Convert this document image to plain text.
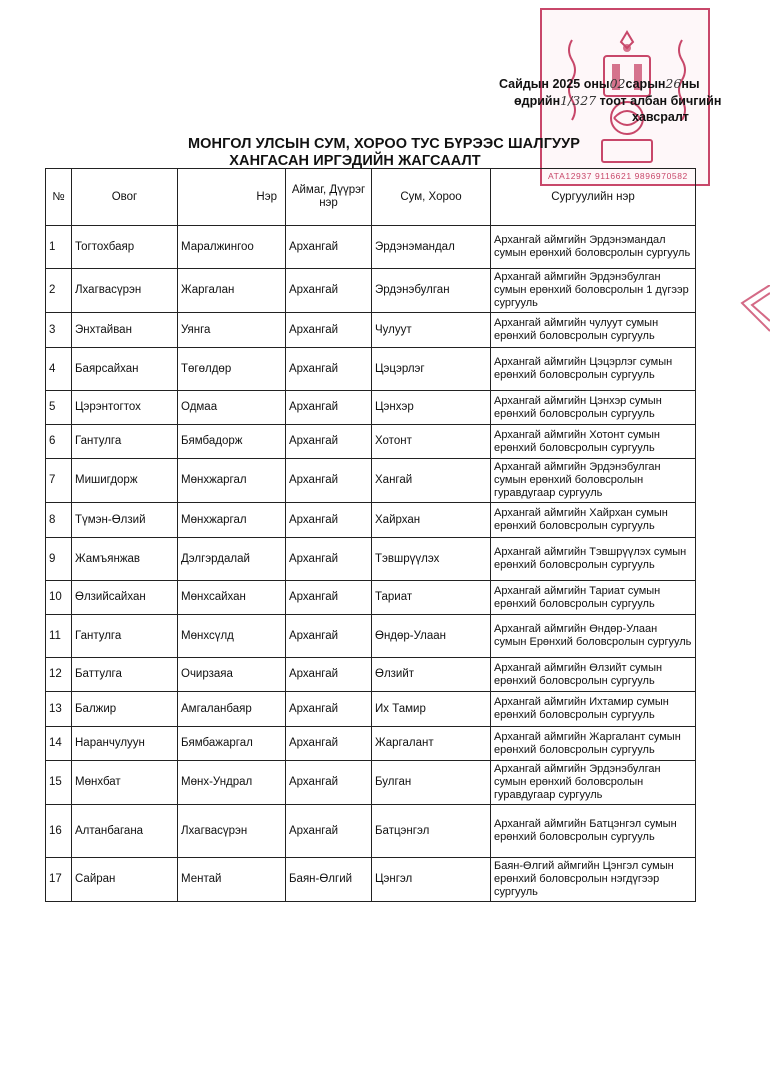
АТА12937 9116621 9896970582
Сайдын 2025 оны02сарын26ны
өдрийн1/327 тоот албан бичгийн
хавсралт
МОНГОЛ УЛСЫН СУМ, ХОРОО ТУС БҮРЭЭС ШАЛГУУР
ХАНГАСАН ИРГЭДИЙН ЖАГСААЛТ
№	Овог	Нэр	Аймаг, Дүүрэг нэр	Сум, Хороо	Сургуулийн нэр
1	Тогтохбаяр	Маралжингоо	Архангай	Эрдэнэмандал	Архангай аймгийн Эрдэнэмандал сумын ерөнхий боловсролын сургууль
2	Лхагвасүрэн	Жаргалан	Архангай	Эрдэнэбулган	Архангай аймгийн Эрдэнэбулган сумын ерөнхий боловсролын 1 дүгээр сургууль
3	Энхтайван	Уянга	Архангай	Чулуут	Архангай аймгийн чулуут сумын ерөнхий боловсролын сургууль
4	Баярсайхан	Төгөлдөр	Архангай	Цэцэрлэг	Архангай аймгийн Цэцэрлэг сумын ерөнхий боловсролын сургууль
5	Цэрэнтогтох	Одмаа	Архангай	Цэнхэр	Архангай аймгийн Цэнхэр сумын ерөнхий боловсролын сургууль
6	Гантулга	Бямбадорж	Архангай	Хотонт	Архангай аймгийн Хотонт сумын ерөнхий боловсролын сургууль
7	Мишигдорж	Мөнхжаргал	Архангай	Хангай	Архангай аймгийн Эрдэнэбулган сумын ерөнхий боловсролын гуравдугаар сургууль
8	Түмэн-Өлзий	Мөнхжаргал	Архангай	Хайрхан	Архангай аймгийн Хайрхан сумын ерөнхий боловсролын сургууль
9	Жамъянжав	Дэлгэрдалай	Архангай	Тэвшрүүлэх	Архангай аймгийн Тэвшрүүлэх сумын ерөнхий боловсролын сургууль
10	Өлзийсайхан	Мөнхсайхан	Архангай	Тариат	Архангай аймгийн Тариат сумын ерөнхий боловсролын сургууль
11	Гантулга	Мөнхсүлд	Архангай	Өндөр-Улаан	Архангай аймгийн Өндөр-Улаан сумын Ерөнхий боловсролын сургууль
12	Баттулга	Очирзаяа	Архангай	Өлзийт	Архангай аймгийн Өлзийт сумын ерөнхий боловсролын сургууль
13	Балжир	Амгаланбаяр	Архангай	Их Тамир	Архангай аймгийн Ихтамир сумын ерөнхий боловсролын сургууль
14	Наранчулуун	Бямбажаргал	Архангай	Жаргалант	Архангай аймгийн Жаргалант сумын ерөнхий боловсролын сургууль
15	Мөнхбат	Мөнх-Ундрал	Архангай	Булган	Архангай аймгийн Эрдэнэбулган сумын ерөнхий боловсролын гуравдугаар сургууль
16	Алтанбагана	Лхагвасүрэн	Архангай	Батцэнгэл	Архангай аймгийн Батцэнгэл сумын ерөнхий боловсролын сургууль
17	Сайран	Ментай	Баян-Өлгий	Цэнгэл	Баян-Өлгий аймгийн Цэнгэл сумын ерөнхий боловсролын нэгдүгээр сургууль
